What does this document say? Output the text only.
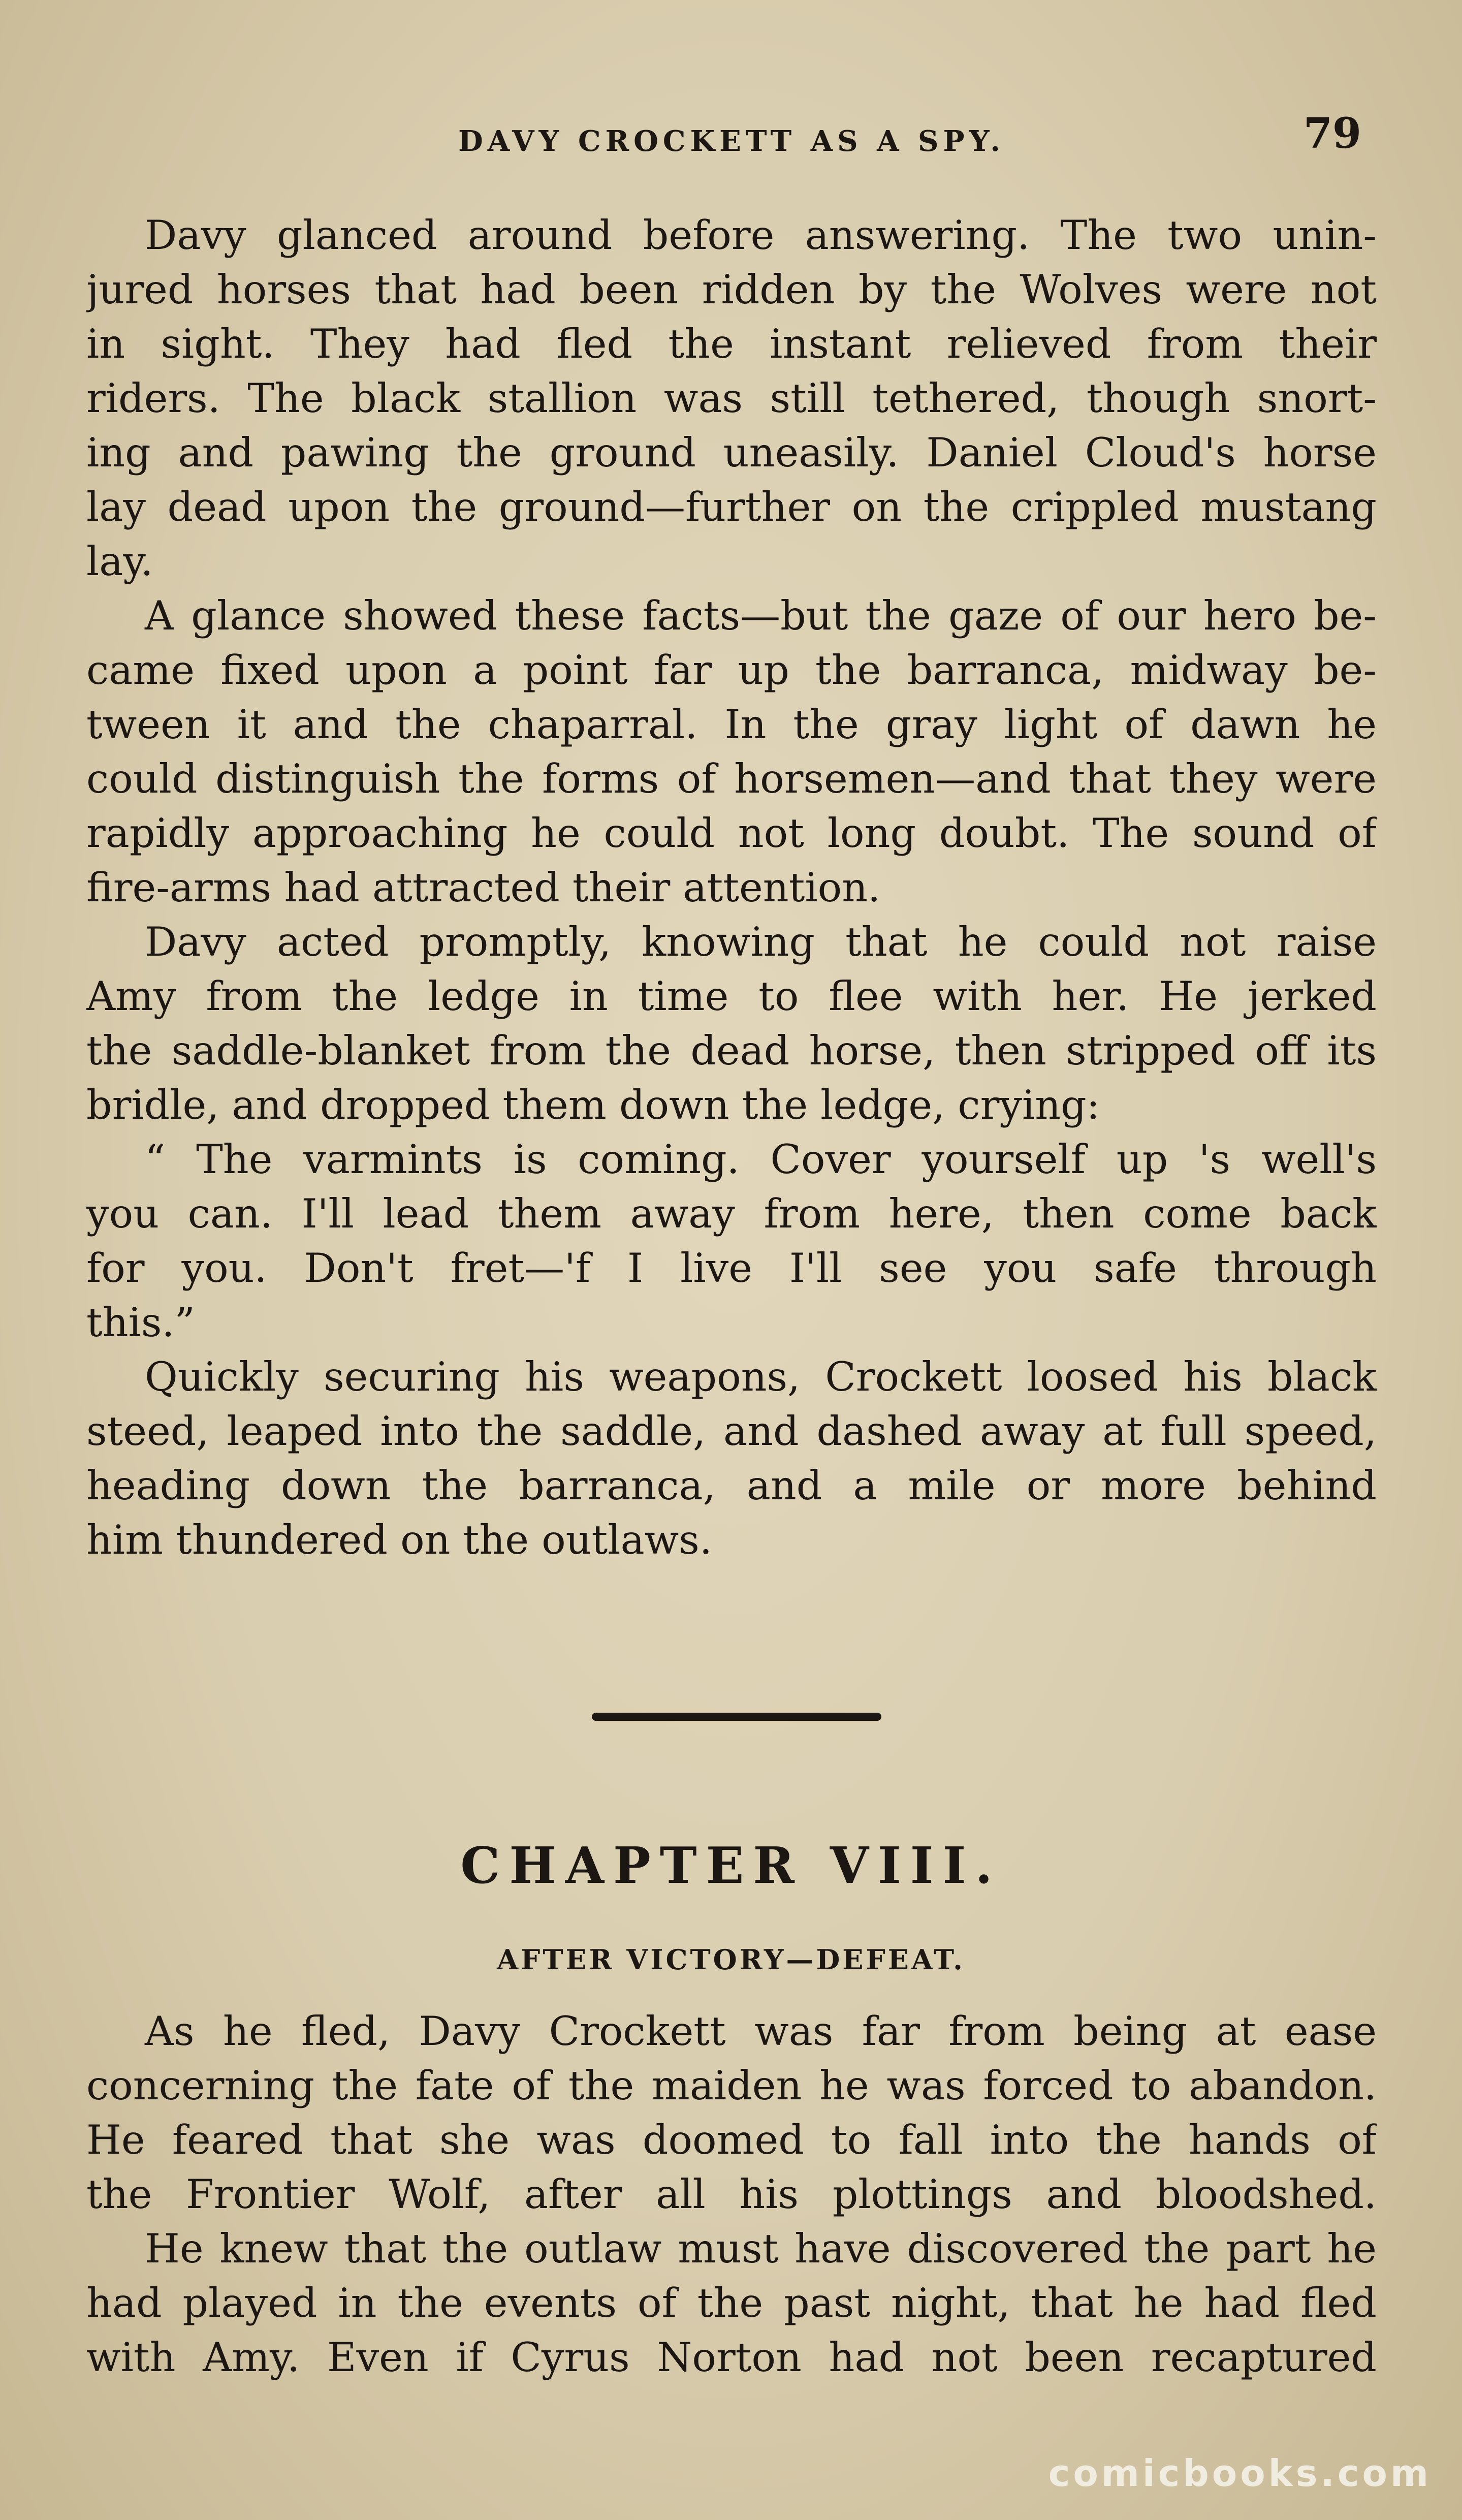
DAVY CROCKETT AS A SPY.	79
Davy glanced around before answering. The two unin-
jured horses that had been ridden by the Wolves were not
in sight. They had fled the instant relieved from their
riders. The black stallion was still tethered, though snort-
ing and pawing the ground uneasily. Daniel Cloud's horse
lay dead upon the ground—further on the crippled mustang
lay.
A glance showed these facts—but the gaze of our hero be-
came fixed upon a point far up the barranca, midway be-
tween it and the chaparral. In the gray light of dawn he
could distinguish the forms of horsemen—and that they were
rapidly approaching he could not long doubt. The sound of
fire-arms had attracted their attention.
Davy acted promptly, knowing that he could not raise
Amy from the ledge in time to flee with her. He jerked
the saddle-blanket from the dead horse, then stripped off its
bridle, and dropped them down the ledge, crying:
“ The varmints is coming. Cover yourself up 's well's
you can. I'll lead them away from here, then come back
for you. Don't fret—'f I live I'll see you safe through
this.”
Quickly securing his weapons, Crockett loosed his black
steed, leaped into the saddle, and dashed away at full speed,
heading down the barranca, and a mile or more behind
him thundered on the outlaws.
CHAPTER VIII.
AFTER VICTORY—DEFEAT.
As he fled, Davy Crockett was far from being at ease
concerning the fate of the maiden he was forced to abandon.
He feared that she was doomed to fall into the hands of
the Frontier Wolf, after all his plottings and bloodshed.
He knew that the outlaw must have discovered the part he
had played in the events of the past night, that he had fled
with Amy. Even if Cyrus Norton had not been recaptured
comicbooks.com
